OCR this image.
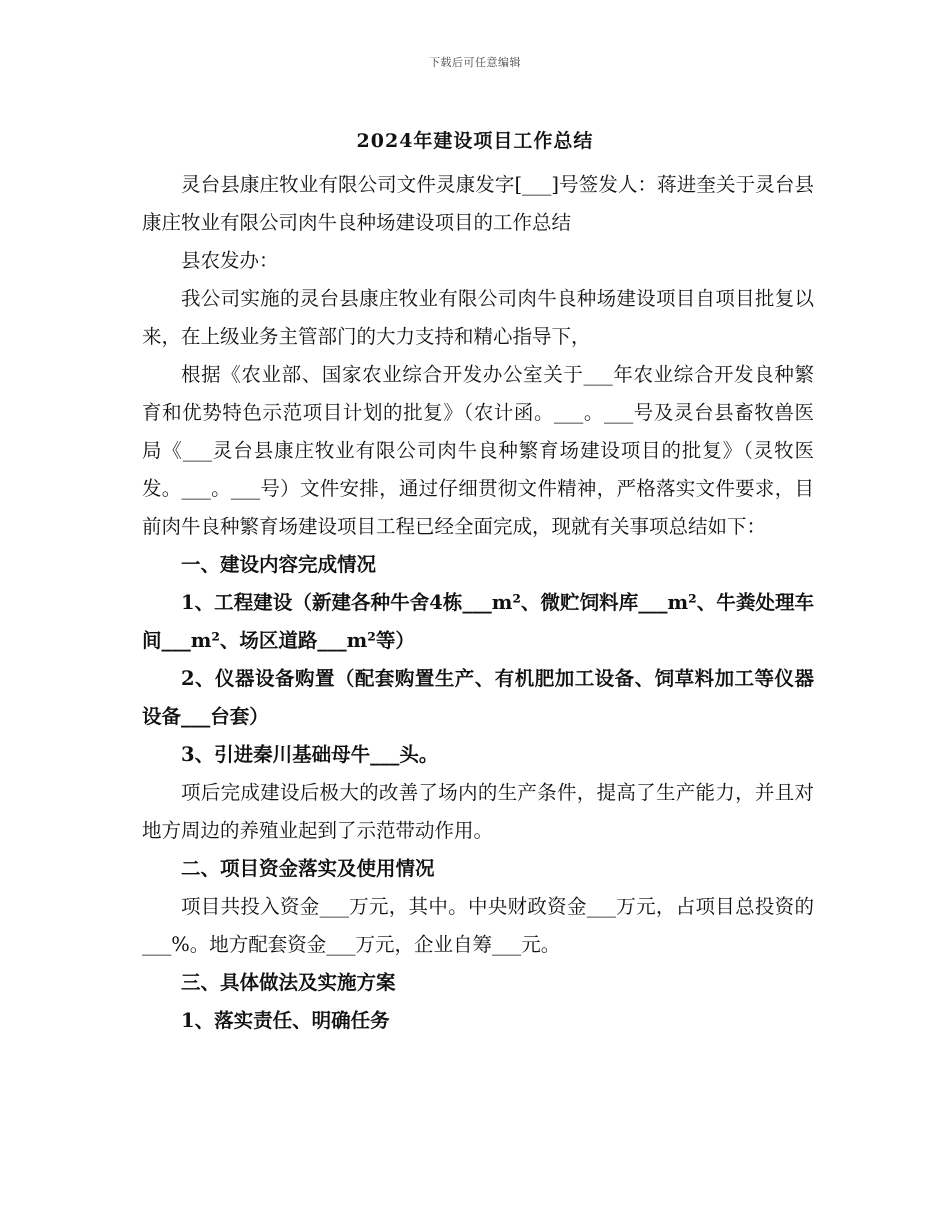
下载后可任意编辑
2024年建设项目工作总结

灵台县康庄牧业有限公司文件灵康发字[___]号签发人：蒋进奎关于灵台县康庄牧业有限公司肉牛良种场建设项目的工作总结

县农发办：

我公司实施的灵台县康庄牧业有限公司肉牛良种场建设项目自项目批复以来，在上级业务主管部门的大力支持和精心指导下，

根据《农业部、国家农业综合开发办公室关于___年农业综合开发良种繁育和优势特色示范项目计划的批复》（农计函。___。___号及灵台县畜牧兽医局《___灵台县康庄牧业有限公司肉牛良种繁育场建设项目的批复》（灵牧医发。___。___号）文件安排，通过仔细贯彻文件精神，严格落实文件要求，目前肉牛良种繁育场建设项目工程已经全面完成，现就有关事项总结如下：

一、建设内容完成情况

1、工程建设（新建各种牛舍4栋___m²、微贮饲料库___m²、牛粪处理车间___m²、场区道路___m²等）

2、仪器设备购置（配套购置生产、有机肥加工设备、饲草料加工等仪器设备___台套）

3、引进秦川基础母牛___头。

项后完成建设后极大的改善了场内的生产条件，提高了生产能力，并且对地方周边的养殖业起到了示范带动作用。

二、项目资金落实及使用情况

项目共投入资金___万元，其中。中央财政资金___万元，占项目总投资的___%。地方配套资金___万元，企业自筹___元。

三、具体做法及实施方案

1、落实责任、明确任务
